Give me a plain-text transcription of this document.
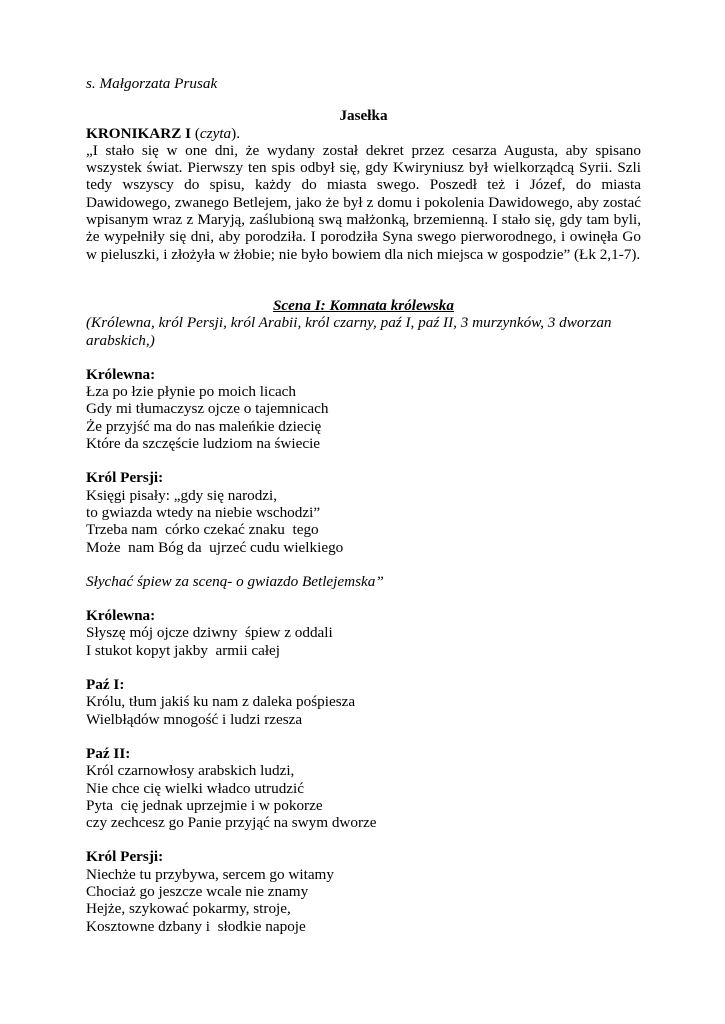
s. Małgorzata Prusak

Jasełka

KRONIKARZ I (czyta).

„I stało się w one dni, że wydany został dekret przez cesarza Augusta, aby spisano wszystek świat. Pierwszy ten spis odbył się, gdy Kwiryniusz był wielkorządcą Syrii. Szli tedy wszyscy do spisu, każdy do miasta swego. Poszedł też i Józef, do miasta Dawidowego, zwanego Betlejem, jako że był z domu i pokolenia Dawidowego, aby zostać wpisanym wraz z Maryją, zaślubioną swą małżonką, brzemienną. I stało się, gdy tam byli, że wypełniły się dni, aby porodziła. I porodziła Syna swego pierworodnego, i owinęła Go w pieluszki, i złożyła w żłobie; nie było bowiem dla nich miejsca w gospodzie” (Łk 2,1-7).

Scena I: Komnata królewska

(Królewna, król Persji, król Arabii, król czarny, paź I, paź II, 3 murzynków, 3 dworzan arabskich,)

Królewna:

Łza po łzie płynie po moich licach

Gdy mi tłumaczysz ojcze o tajemnicach

Że przyjść ma do nas maleńkie dziecię

Które da szczęście ludziom na świecie

Król Persji:

Księgi pisały: „gdy się narodzi,

to gwiazda wtedy na niebie wschodzi”

Trzeba nam  córko czekać znaku  tego

Może  nam Bóg da  ujrzeć cudu wielkiego

Słychać śpiew za sceną- o gwiazdo Betlejemska”

Królewna:

Słyszę mój ojcze dziwny  śpiew z oddali

I stukot kopyt jakby  armii całej

Paź I:

Królu, tłum jakiś ku nam z daleka pośpiesza

Wielbłądów mnogość i ludzi rzesza

Paź II:

Król czarnowłosy arabskich ludzi,

Nie chce cię wielki władco utrudzić

Pyta  cię jednak uprzejmie i w pokorze

czy zechcesz go Panie przyjąć na swym dworze

Król Persji:

Niechże tu przybywa, sercem go witamy

Chociaż go jeszcze wcale nie znamy

Hejże, szykować pokarmy, stroje,

Kosztowne dzbany i  słodkie napoje
